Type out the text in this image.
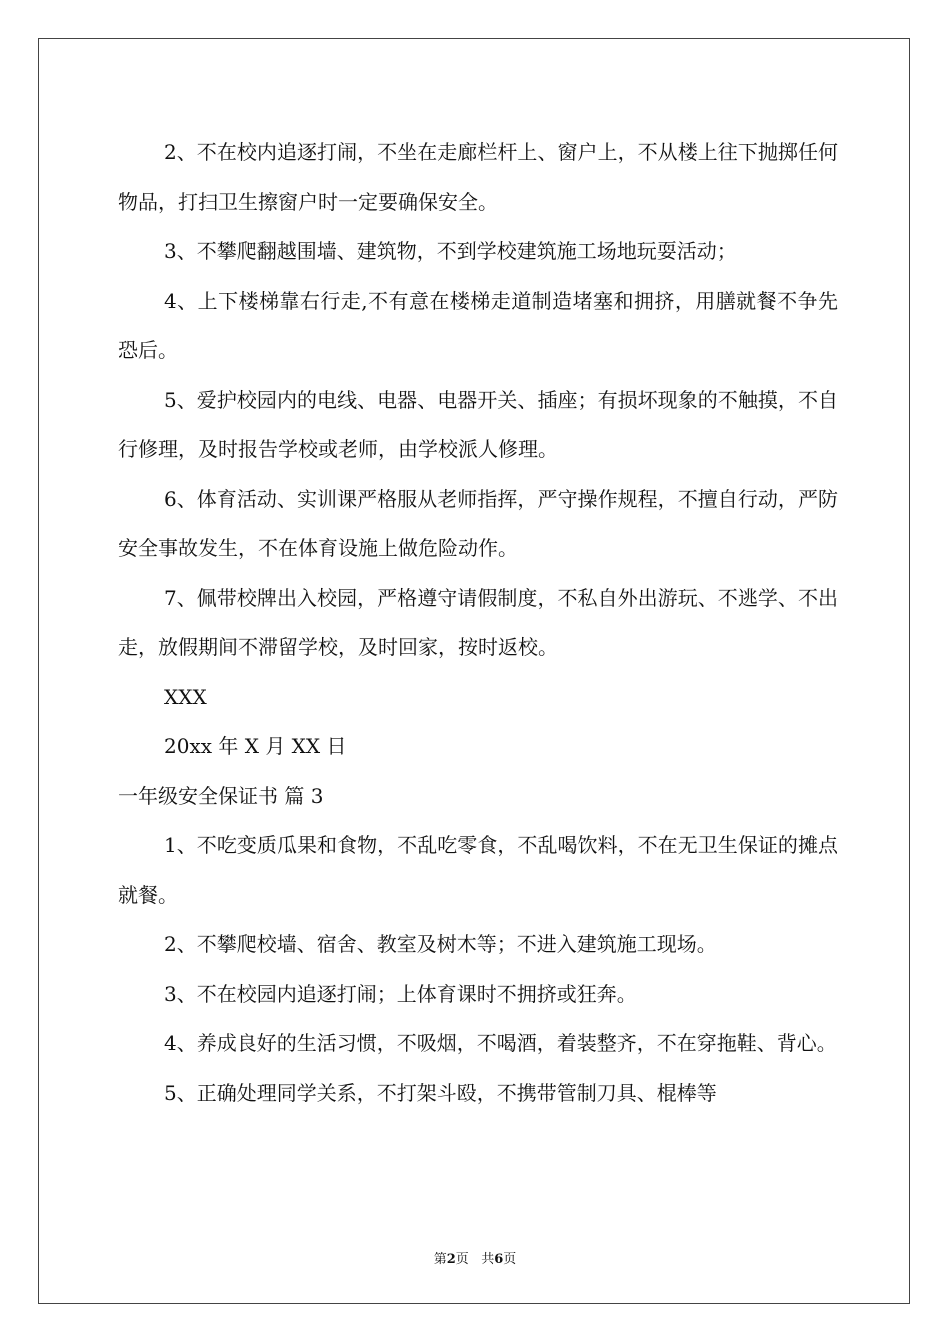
2、不在校内追逐打闹，不坐在走廊栏杆上、窗户上，不从楼上往下抛掷任何物品，打扫卫生擦窗户时一定要确保安全。

3、不攀爬翻越围墙、建筑物，不到学校建筑施工场地玩耍活动；

4、上下楼梯靠右行走,不有意在楼梯走道制造堵塞和拥挤，用膳就餐不争先恐后。

5、爱护校园内的电线、电器、电器开关、插座；有损坏现象的不触摸，不自行修理，及时报告学校或老师，由学校派人修理。

6、体育活动、实训课严格服从老师指挥，严守操作规程，不擅自行动，严防安全事故发生，不在体育设施上做危险动作。

7、佩带校牌出入校园，严格遵守请假制度，不私自外出游玩、不逃学、不出走，放假期间不滞留学校，及时回家，按时返校。

XXX

20xx 年 X 月 XX 日

一年级安全保证书 篇 3

1、不吃变质瓜果和食物，不乱吃零食，不乱喝饮料，不在无卫生保证的摊点就餐。

2、不攀爬校墙、宿舍、教室及树木等；不进入建筑施工现场。

3、不在校园内追逐打闹；上体育课时不拥挤或狂奔。

4、养成良好的生活习惯，不吸烟，不喝酒，着装整齐，不在穿拖鞋、背心。

5、正确处理同学关系，不打架斗殴，不携带管制刀具、棍棒等

第2页 共6页
